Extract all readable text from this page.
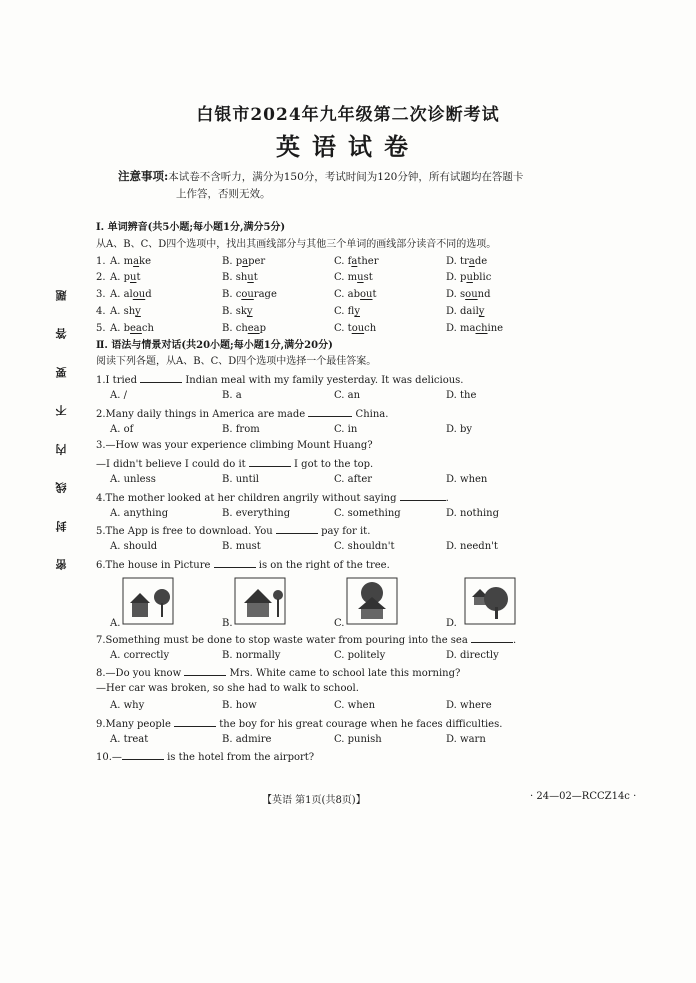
题
答
要
不
内
线
封
密
白银市2024年九年级第二次诊断考试
英语试卷
注意事项:本试卷不含听力，满分为150分，考试时间为120分钟，所有试题均在答题卡
上作答，否则无效。
Ⅰ. 单词辨音(共5小题;每小题1分,满分5分)
从A、B、C、D四个选项中，找出其画线部分与其他三个单词的画线部分读音不同的选项。
1. A. make	B. paper	C. father	D. trade
2. A. put	B. shut	C. must	D. public
3. A. aloud	B. courage	C. about	D. sound
4. A. shy	B. sky	C. fly	D. daily
5. A. beach	B. cheap	C. touch	D. machine
Ⅱ. 语法与情景对话(共20小题;每小题1分,满分20分)
阅读下列各题，从A、B、C、D四个选项中选择一个最佳答案。
1.I tried	Indian meal with my family yesterday. It was delicious.
A. /	B. a	C. an	D. the
2.Many daily things in America are made	China.
A. of	B. from	C. in	D. by
3.—How was your experience climbing Mount Huang?
—I didn't believe I could do it	I got to the top.
A. unless	B. until	C. after	D. when
4.The mother looked at her children angrily without saying	.
A. anything	B. everything	C. something	D. nothing
5.The App is free to download. You	pay for it.
A. should	B. must	C. shouldn't	D. needn't
6.The house in Picture	is on the right of the tree.
A.	B.	C.	D.
7.Something must be done to stop waste water from pouring into the sea	.
A. correctly	B. normally	C. politely	D. directly
8.—Do you know	Mrs. White came to school late this morning?
—Her car was broken, so she had to walk to school.
A. why	B. how	C. when	D. where
9.Many people	the boy for his great courage when he faces difficulties.
A. treat	B. admire	C. punish	D. warn
10.—	is the hotel from the airport?
【英语 第1页(共8页)】	· 24—02—RCCZ14c ·
